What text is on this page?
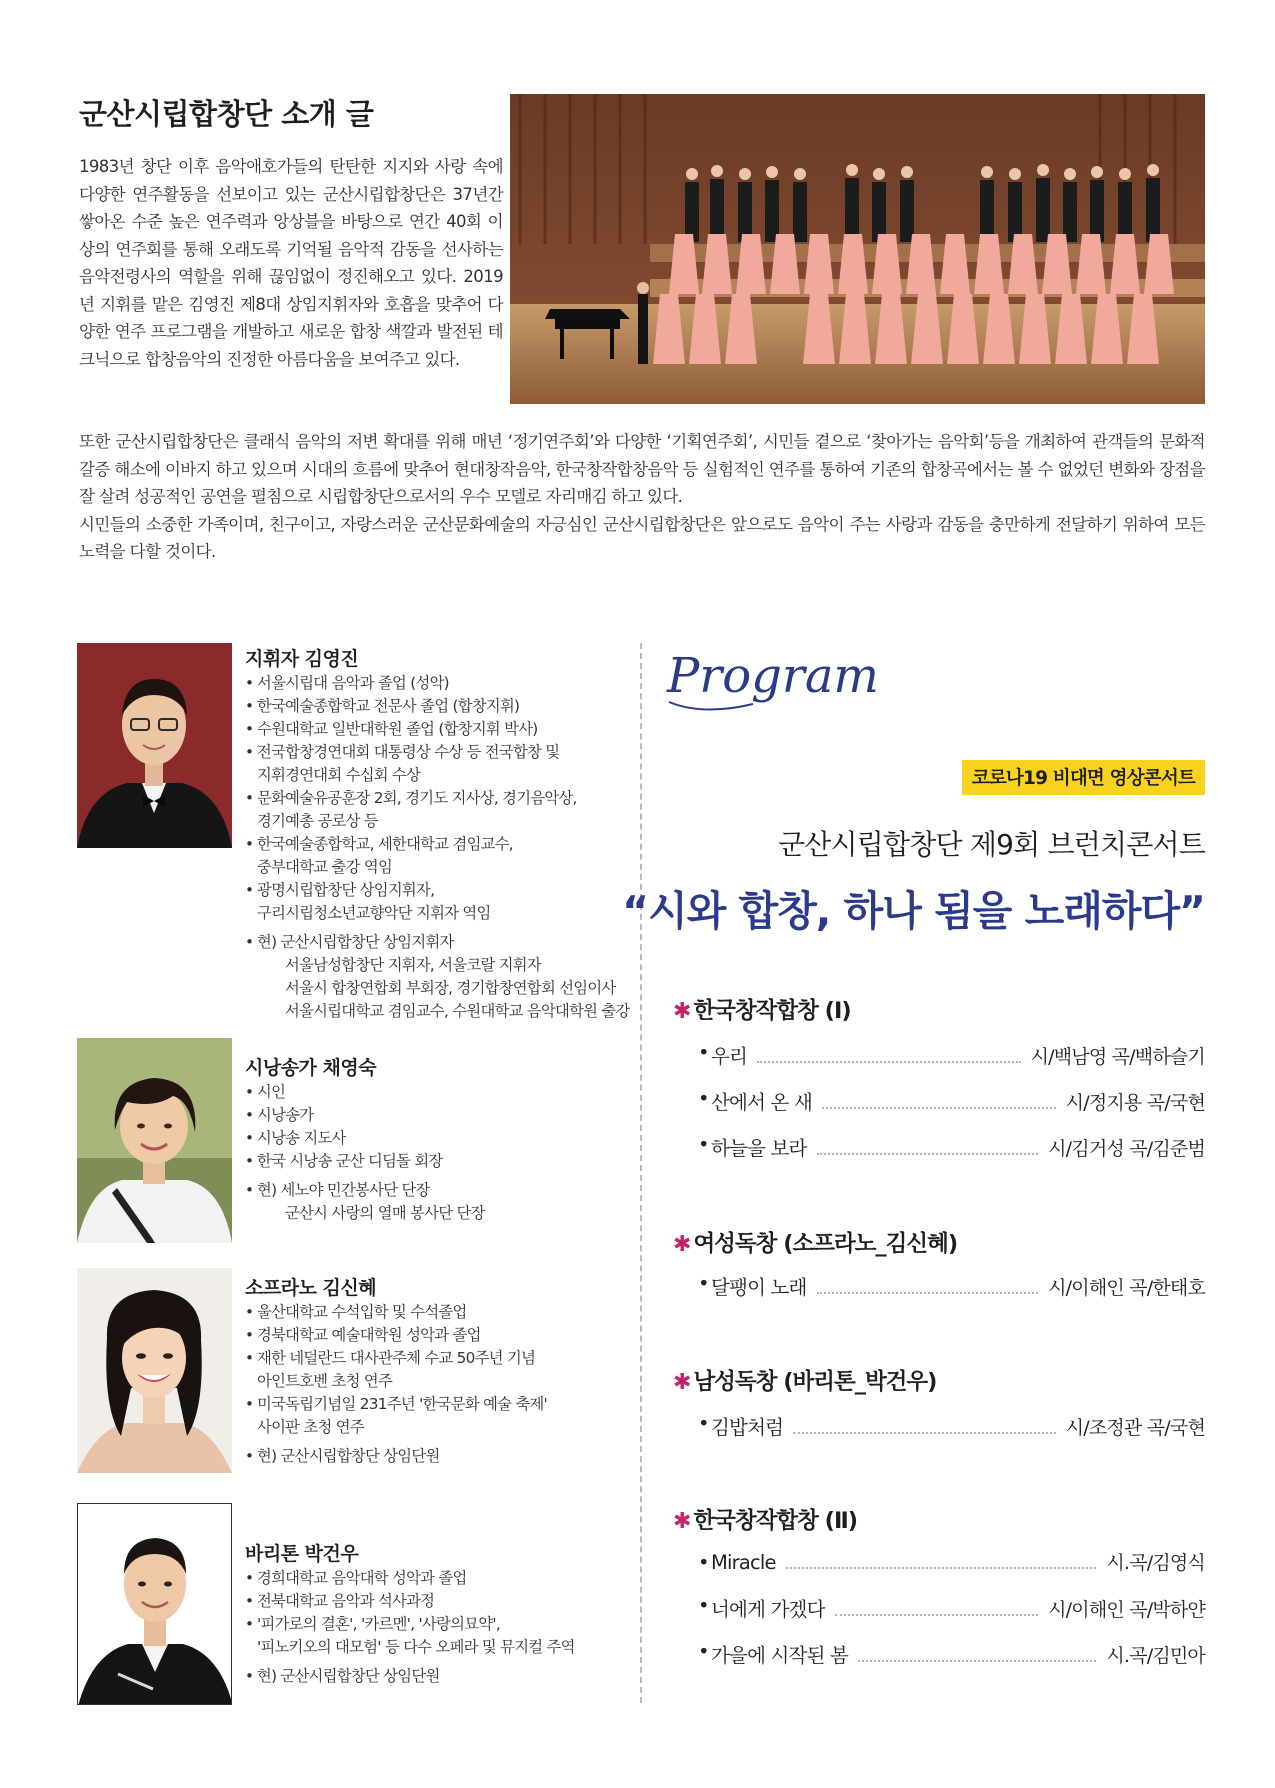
군산시립합창단 소개 글

1983년 창단 이후 음악애호가들의 탄탄한 지지와 사랑 속에 다양한 연주활동을 선보이고 있는 군산시립합창단은 37년간 쌓아온 수준 높은 연주력과 앙상블을 바탕으로 연간 40회 이상의 연주회를 통해 오래도록 기억될 음악적 감동을 선사하는 음악전령사의 역할을 위해 끊임없이 정진해오고 있다. 2019년 지휘를 맡은 김영진 제8대 상임지휘자와 호흡을 맞추어 다양한 연주 프로그램을 개발하고 새로운 합창 색깔과 발전된 테크닉으로 합창음악의 진정한 아름다움을 보여주고 있다.

또한 군산시립합창단은 클래식 음악의 저변 확대를 위해 매년 ‘정기연주회’와 다양한 ‘기획연주회’, 시민들 곁으로 ‘찾아가는 음악회’등을 개최하여 관객들의 문화적 갈증 해소에 이바지 하고 있으며 시대의 흐름에 맞추어 현대창작음악, 한국창작합창음악 등 실험적인 연주를 통하여 기존의 합창곡에서는 볼 수 없었던 변화와 장점을 잘 살려 성공적인 공연을 펼침으로 시립합창단으로서의 우수 모델로 자리매김 하고 있다.

시민들의 소중한 가족이며, 친구이고, 자랑스러운 군산문화예술의 자긍심인 군산시립합창단은 앞으로도 음악이 주는 사랑과 감동을 충만하게 전달하기 위하여 모든 노력을 다할 것이다.

지휘자 김영진
• 서울시립대 음악과 졸업 (성악)
• 한국예술종합학교 전문사 졸업 (합창지휘)
• 수원대학교 일반대학원 졸업 (합창지휘 박사)
• 전국합창경연대회 대통령상 수상 등 전국합창 및
지휘경연대회 수십회 수상
• 문화예술유공훈장 2회, 경기도 지사상, 경기음악상,
경기예총 공로상 등
• 한국예술종합학교, 세한대학교 겸임교수,
중부대학교 출강 역임
• 광명시립합창단 상임지휘자,
구리시립청소년교향악단 지휘자 역임
• 현) 군산시립합창단 상임지휘자
서울남성합창단 지휘자, 서울코랄 지휘자
서울시 합창연합회 부회장, 경기합창연합회 선임이사
서울시립대학교 겸임교수, 수원대학교 음악대학원 출강
시낭송가 채영숙
• 시인
• 시낭송가
• 시낭송 지도사
• 한국 시낭송 군산 디딤돌 회장
• 현) 세노야 민간봉사단 단장
군산시 사랑의 열매 봉사단 단장
소프라노 김신혜
• 울산대학교 수석입학 및 수석졸업
• 경북대학교 예술대학원 성악과 졸업
• 재한 네덜란드 대사관주체 수교 50주년 기념
아인트호벤 초청 연주
• 미국독립기념일 231주년 '한국문화 예술 축제'
사이판 초청 연주
• 현) 군산시립합창단 상임단원
바리톤 박건우
• 경희대학교 음악대학 성악과 졸업
• 전북대학교 음악과 석사과정
• '피가로의 결혼', '카르멘', '사랑의묘약',
'피노키오의 대모험' 등 다수 오페라 및 뮤지컬 주역
• 현) 군산시립합창단 상임단원
Program
코로나19 비대면 영상콘서트
군산시립합창단 제9회 브런치콘서트
“시와 합창, 하나 됨을 노래하다”
✱ 한국창작합창 (Ⅰ)
• 우리	시/백남영 곡/백하슬기
• 산에서 온 새	시/정지용 곡/국현
• 하늘을 보라	시/김거성 곡/김준범
✱ 여성독창 (소프라노_김신혜)
• 달팽이 노래	시/이해인 곡/한태호
✱ 남성독창 (바리톤_박건우)
• 김밥처럼	시/조정관 곡/국현
✱ 한국창작합창 (Ⅱ)
• Miracle	시.곡/김영식
• 너에게 가겠다	시/이해인 곡/박하얀
• 가을에 시작된 봄	시.곡/김민아
